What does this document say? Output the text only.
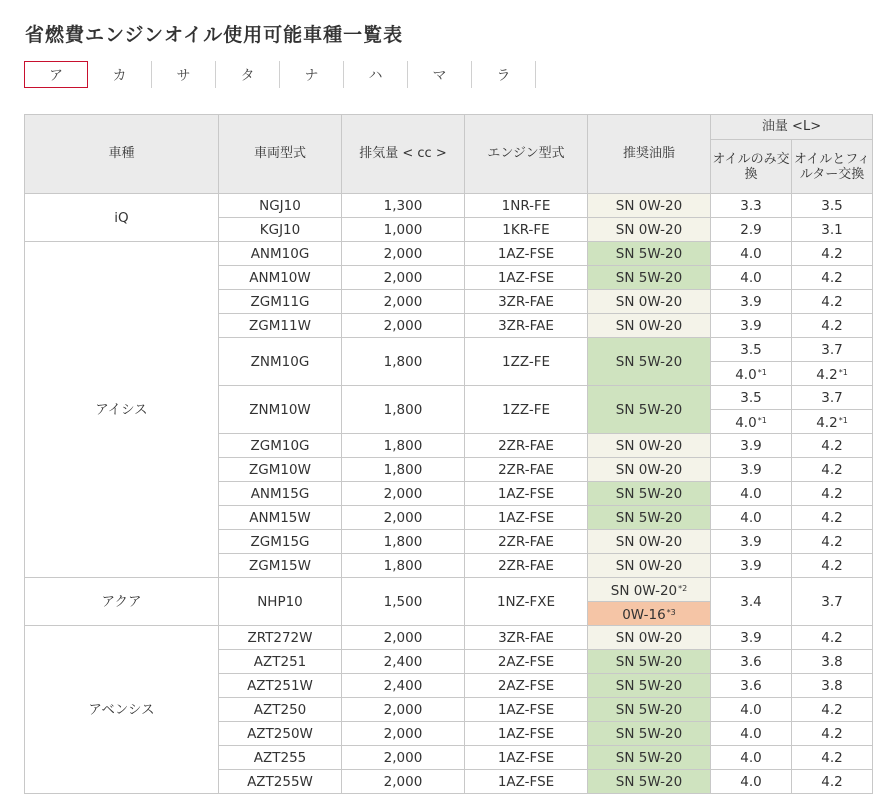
省燃費エンジンオイル使用可能車種一覧表
ア	カ	サ	タ	ナ	ハ	マ	ラ
車種	車両型式	排気量 < cc >	エンジン型式	推奨油脂	油量 <L>	
					オイルのみ交換	オイルとフィルター交換
iQ	NGJ10	1,300	1NR-FE	SN 0W-20	3.3	3.5
	KGJ10	1,000	1KR-FE	SN 0W-20	2.9	3.1
アイシス	ANM10G	2,000	1AZ-FSE	SN 5W-20	4.0	4.2
	ANM10W	2,000	1AZ-FSE	SN 5W-20	4.0	4.2
	ZGM11G	2,000	3ZR-FAE	SN 0W-20	3.9	4.2
	ZGM11W	2,000	3ZR-FAE	SN 0W-20	3.9	4.2
	ZNM10G	1,800	1ZZ-FE	SN 5W-20	3.5	3.7
					4.0$^{*1}$	4.2$^{*1}$
	ZNM10W	1,800	1ZZ-FE	SN 5W-20	3.5	3.7
					4.0$^{*1}$	4.2$^{*1}$
	ZGM10G	1,800	2ZR-FAE	SN 0W-20	3.9	4.2
	ZGM10W	1,800	2ZR-FAE	SN 0W-20	3.9	4.2
	ANM15G	2,000	1AZ-FSE	SN 5W-20	4.0	4.2
	ANM15W	2,000	1AZ-FSE	SN 5W-20	4.0	4.2
	ZGM15G	1,800	2ZR-FAE	SN 0W-20	3.9	4.2
	ZGM15W	1,800	2ZR-FAE	SN 0W-20	3.9	4.2
アクア	NHP10	1,500	1NZ-FXE	SN 0W-20$^{*2}$	3.4	3.7
				0W-16$^{*3}$
アベンシス	ZRT272W	2,000	3ZR-FAE	SN 0W-20	3.9	4.2
	AZT251	2,400	2AZ-FSE	SN 5W-20	3.6	3.8
	AZT251W	2,400	2AZ-FSE	SN 5W-20	3.6	3.8
	AZT250	2,000	1AZ-FSE	SN 5W-20	4.0	4.2
	AZT250W	2,000	1AZ-FSE	SN 5W-20	4.0	4.2
	AZT255	2,000	1AZ-FSE	SN 5W-20	4.0	4.2
	AZT255W	2,000	1AZ-FSE	SN 5W-20	4.0	4.2
